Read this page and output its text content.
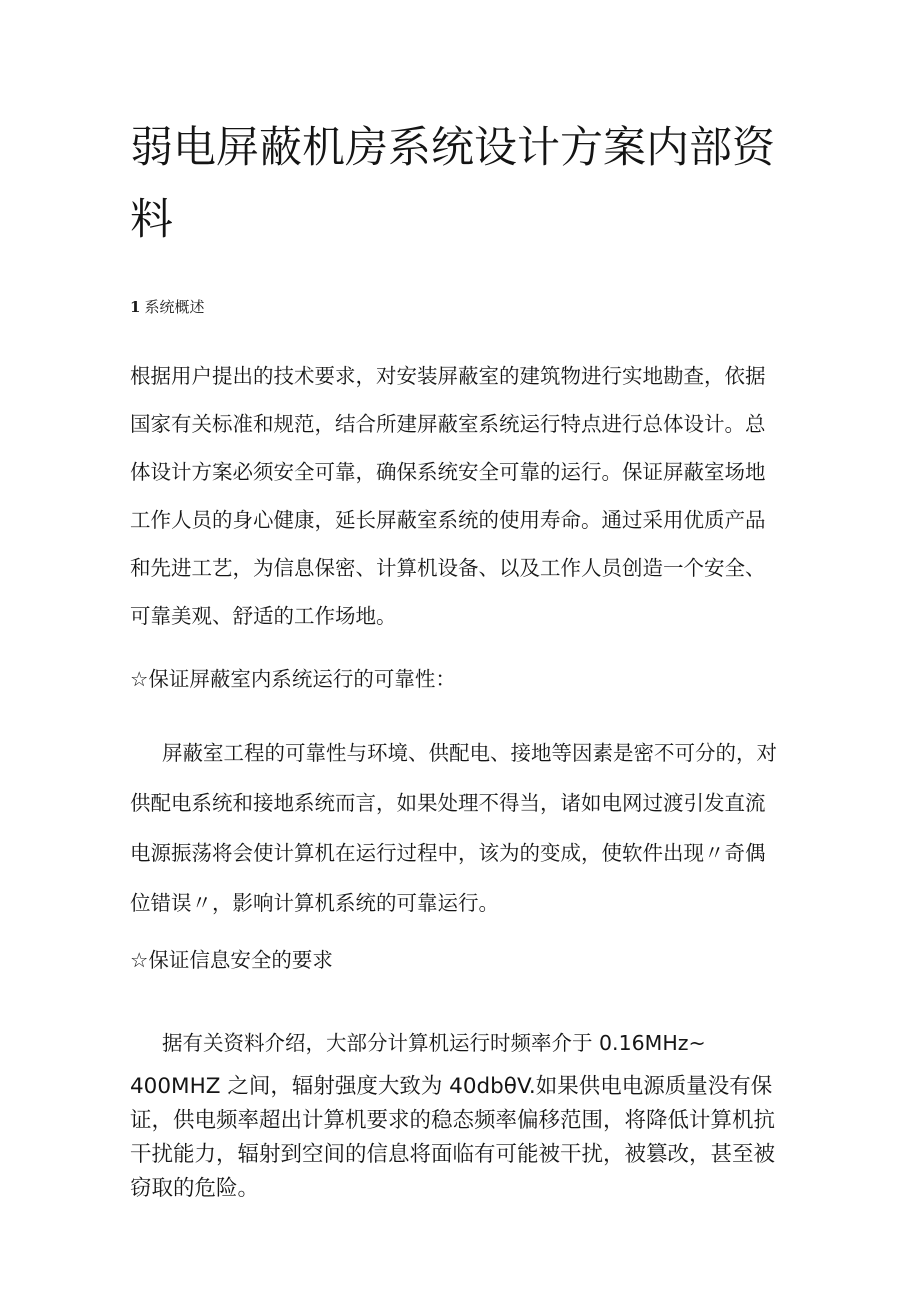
弱电屏蔽机房系统设计方案内部资料
1 系统概述

根据用户提出的技术要求，对安装屏蔽室的建筑物进行实地勘查，依据国家有关标准和规范，结合所建屏蔽室系统运行特点进行总体设计。总体设计方案必须安全可靠，确保系统安全可靠的运行。保证屏蔽室场地工作人员的身心健康，延长屏蔽室系统的使用寿命。通过采用优质产品和先进工艺，为信息保密、计算机设备、以及工作人员创造一个安全、可靠美观、舒适的工作场地。

☆保证屏蔽室内系统运行的可靠性：

屏蔽室工程的可靠性与环境、供配电、接地等因素是密不可分的，对供配电系统和接地系统而言，如果处理不得当，诸如电网过渡引发直流电源振荡将会使计算机在运行过程中，该为的变成，使软件出现〃奇偶位错误〃，影响计算机系统的可靠运行。

☆保证信息安全的要求

据有关资料介绍，大部分计算机运行时频率介于 0.16MHz~

400MHZ 之间，辐射强度大致为 40dbθV.如果供电电源质量没有保证，供电频率超出计算机要求的稳态频率偏移范围，将降低计算机抗干扰能力，辐射到空间的信息将面临有可能被干扰，被篡改，甚至被窃取的危险。
